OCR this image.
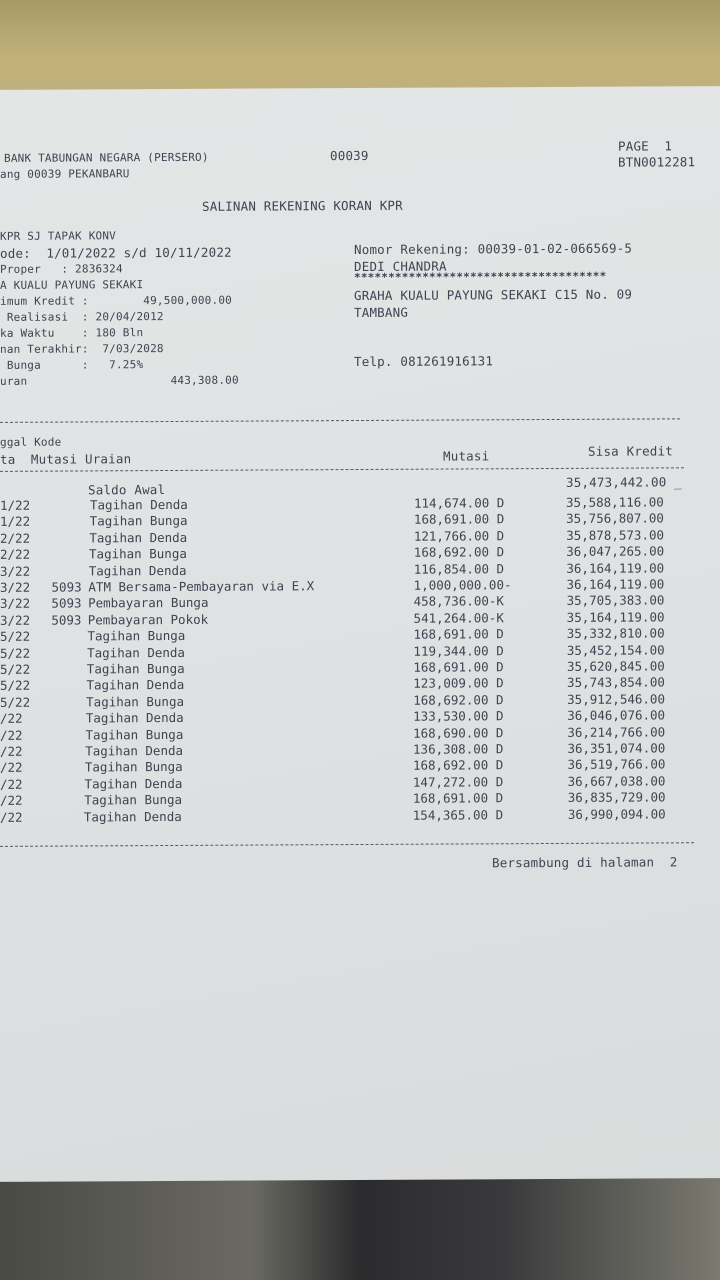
BANK TABUNGAN NEGARA (PERSERO)
ang 00039 PEKANBARU
00039
PAGE  1
BTN0012281
SALINAN REKENING KORAN KPR
KPR SJ TAPAK KONV
ode:  1/01/2022 s/d 10/11/2022
Proper   : 2836324
A KUALU PAYUNG SEKAKI
imum Kredit :        49,500,000.00
Realisasi  : 20/04/2012
ka Waktu    : 180 Bln
nan Terakhir:  7/03/2028
Bunga      :   7.25%
uran                     443,308.00
Nomor Rekening: 00039-01-02-066569-5
DEDI CHANDRA
*************************************
GRAHA KUALU PAYUNG SEKAKI C15 No. 09
TAMBANG
Telp. 081261916131
ggal Kode
ta  Mutasi Uraian	Mutasi	Sisa Kredit
Saldo Awal	35,473,442.00 _
1/22	Tagihan Denda	114,674.00 D	35,588,116.00
1/22	Tagihan Bunga	168,691.00 D	35,756,807.00
2/22	Tagihan Denda	121,766.00 D	35,878,573.00
2/22	Tagihan Bunga	168,692.00 D	36,047,265.00
3/22	Tagihan Denda	116,854.00 D	36,164,119.00
3/22 5093 ATM Bersama-Pembayaran via E.X	1,000,000.00-	36,164,119.00
3/22 5093 Pembayaran Bunga	458,736.00-K	35,705,383.00
3/22 5093 Pembayaran Pokok	541,264.00-K	35,164,119.00
5/22	Tagihan Bunga	168,691.00 D	35,332,810.00
5/22	Tagihan Denda	119,344.00 D	35,452,154.00
5/22	Tagihan Bunga	168,691.00 D	35,620,845.00
5/22	Tagihan Denda	123,009.00 D	35,743,854.00
5/22	Tagihan Bunga	168,692.00 D	35,912,546.00
/22	Tagihan Denda	133,530.00 D	36,046,076.00
/22	Tagihan Bunga	168,690.00 D	36,214,766.00
/22	Tagihan Denda	136,308.00 D	36,351,074.00
/22	Tagihan Bunga	168,692.00 D	36,519,766.00
/22	Tagihan Denda	147,272.00 D	36,667,038.00
/22	Tagihan Bunga	168,691.00 D	36,835,729.00
/22	Tagihan Denda	154,365.00 D	36,990,094.00
Bersambung di halaman  2
